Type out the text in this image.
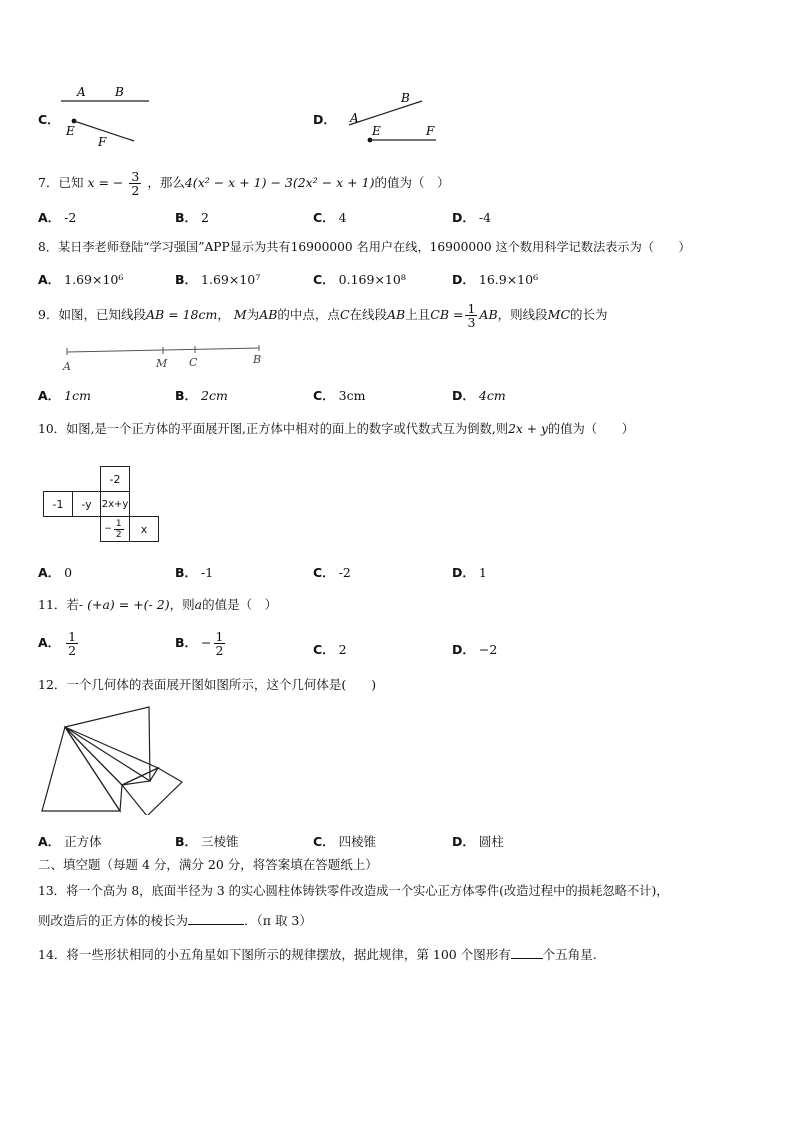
C．
A B
E
F
D． A
B
E	F
7．已知 x = − $\frac{3}{2}$ ，那么4(x² − x + 1) − 3(2x² − x + 1)的值为（　）
A． -2	B． 2	C． 4	D． -4
8．某日李老师登陆“学习强国”APP显示为共有16900000 名用户在线，16900000 这个数用科学记数法表示为（　　）
A． 1.69×10⁶	B． 1.69×10⁷	C． 0.169×10⁸	D． 16.9×10⁶
9．如图，已知线段AB = 18cm， M为AB的中点，点C在线段AB上且CB = $\frac{1}{3}$ AB，则线段MC的长为
A	M C	B
A． 1cm	B． 2cm	C． 3cm	D． 4cm
10．如图,是一个正方体的平面展开图,正方体中相对的面上的数字或代数式互为倒数,则2x + y的值为（　　）
-2
-1	-y	2x+y
− $\frac{1}{2}$	x
A． 0	B． -1	C． -2	D． 1
11．若- (+a) = +(- 2)，则a的值是（　）
A． $\frac{1}{2}$	B． − $\frac{1}{2}$	C． 2	D． −2
12．一个几何体的表面展开图如图所示，这个几何体是(　　)
A． 正方体	B． 三棱锥	C． 四棱锥	D． 圆柱
二、填空题（每题 4 分，满分 20 分，将答案填在答题纸上）
13．将一个高为 8，底面半径为 3 的实心圆柱体铸铁零件改造成一个实心正方体零件(改造过程中的损耗忽略不计)，
则改造后的正方体的棱长为	．（π 取 3）
14．将一些形状相同的小五角星如下图所示的规律摆放，据此规律，第 100 个图形有	个五角星.
